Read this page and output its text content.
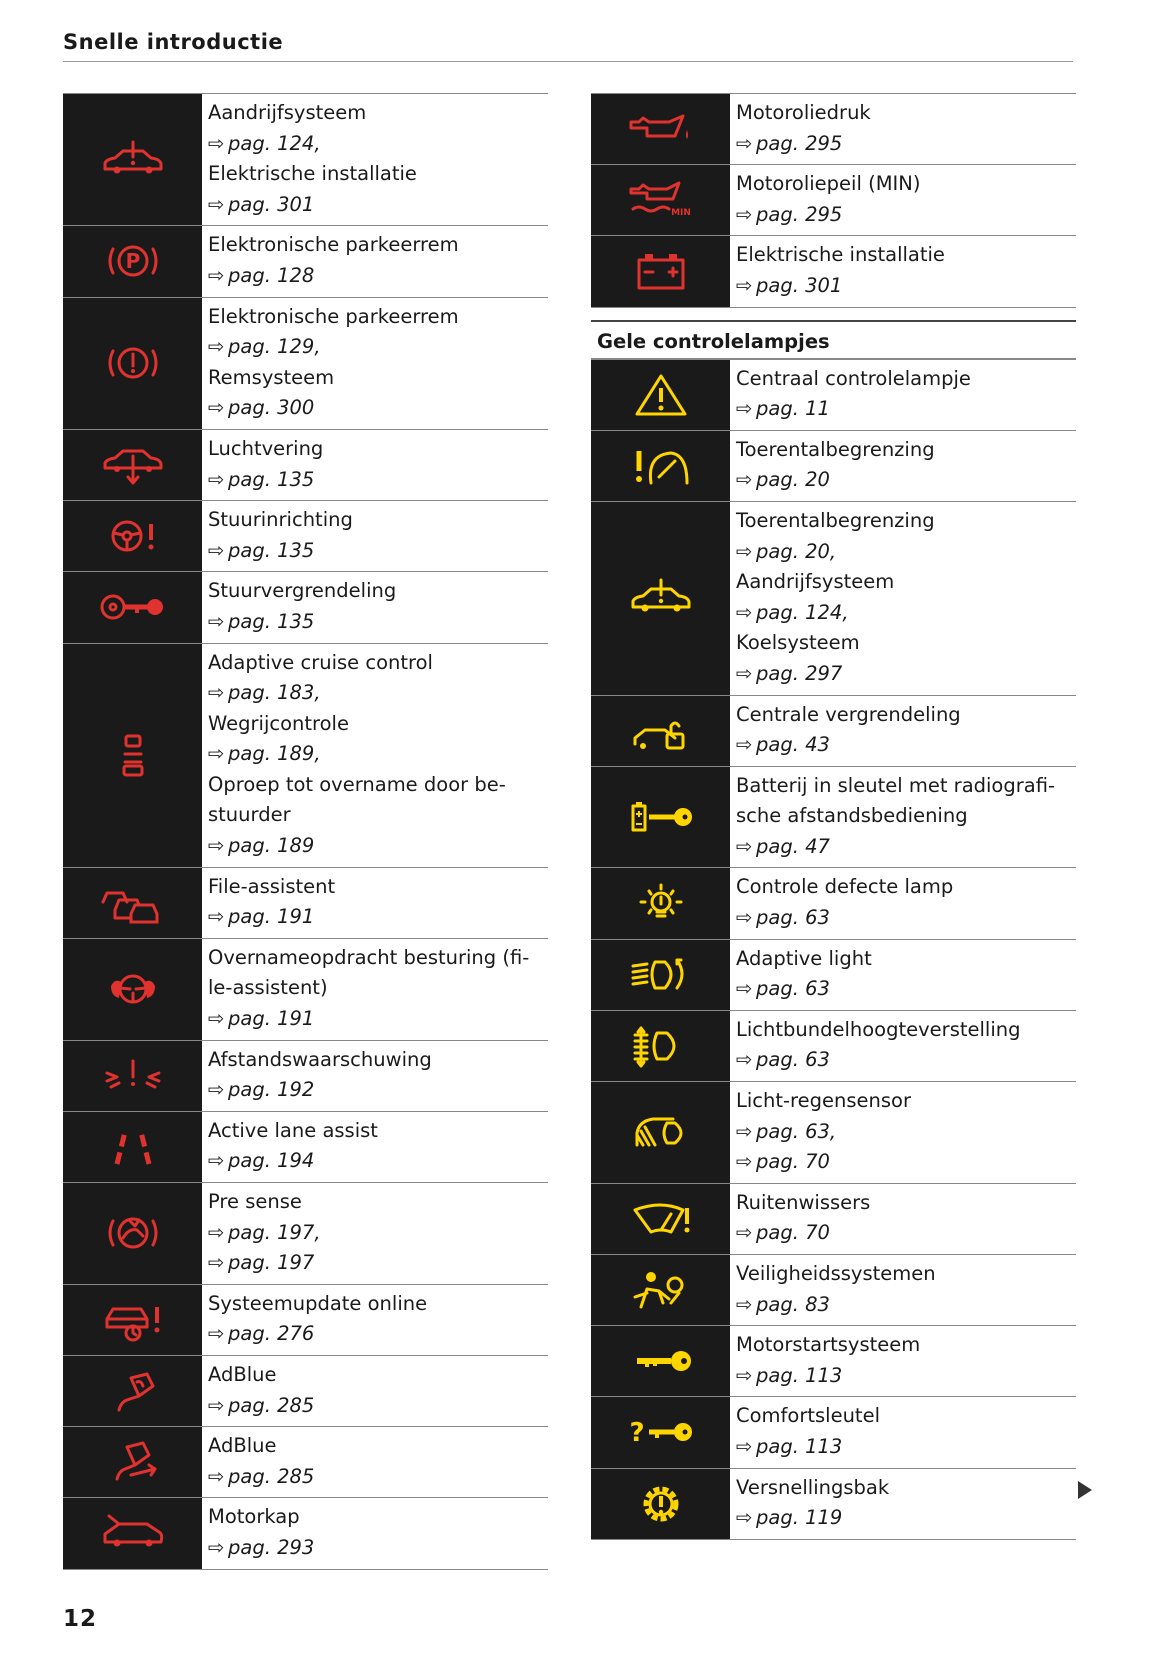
Snelle introductie
Aandrijfsysteem
⇨ pag. 124,
Elektrische installatie
⇨ pag. 301
P
Elektronische parkeerrem
⇨ pag. 128
Elektronische parkeerrem
⇨ pag. 129,
Remsysteem
⇨ pag. 300
Luchtvering
⇨ pag. 135
Stuurinrichting
⇨ pag. 135
Stuurvergrendeling
⇨ pag. 135
Adaptive cruise control
⇨ pag. 183,
Wegrijcontrole
⇨ pag. 189,
Oproep tot overname door be-
stuurder
⇨ pag. 189
File-assistent
⇨ pag. 191
Overnameopdracht besturing (fi-
le-assistent)
⇨ pag. 191
Afstandswaarschuwing
⇨ pag. 192
Active lane assist
⇨ pag. 194
Pre sense
⇨ pag. 197,
⇨ pag. 197
Systeemupdate online
⇨ pag. 276
AdBlue
⇨ pag. 285
AdBlue
⇨ pag. 285
Motorkap
⇨ pag. 293
Motoroliedruk
⇨ pag. 295
MIN
Motoroliepeil (MIN)
⇨ pag. 295
Elektrische installatie
⇨ pag. 301
Gele controlelampjes
Centraal controlelampje
⇨ pag. 11
Toerentalbegrenzing
⇨ pag. 20
Toerentalbegrenzing
⇨ pag. 20,
Aandrijfsysteem
⇨ pag. 124,
Koelsysteem
⇨ pag. 297
Centrale vergrendeling
⇨ pag. 43
Batterij in sleutel met radiografi-
sche afstandsbediening
⇨ pag. 47
Controle defecte lamp
⇨ pag. 63
Adaptive light
⇨ pag. 63
Lichtbundelhoogteverstelling
⇨ pag. 63
Licht-regensensor
⇨ pag. 63,
⇨ pag. 70
Ruitenwissers
⇨ pag. 70
Veiligheidssystemen
⇨ pag. 83
Motorstartsysteem
⇨ pag. 113
?
Comfortsleutel
⇨ pag. 113
Versnellingsbak
⇨ pag. 119
12
